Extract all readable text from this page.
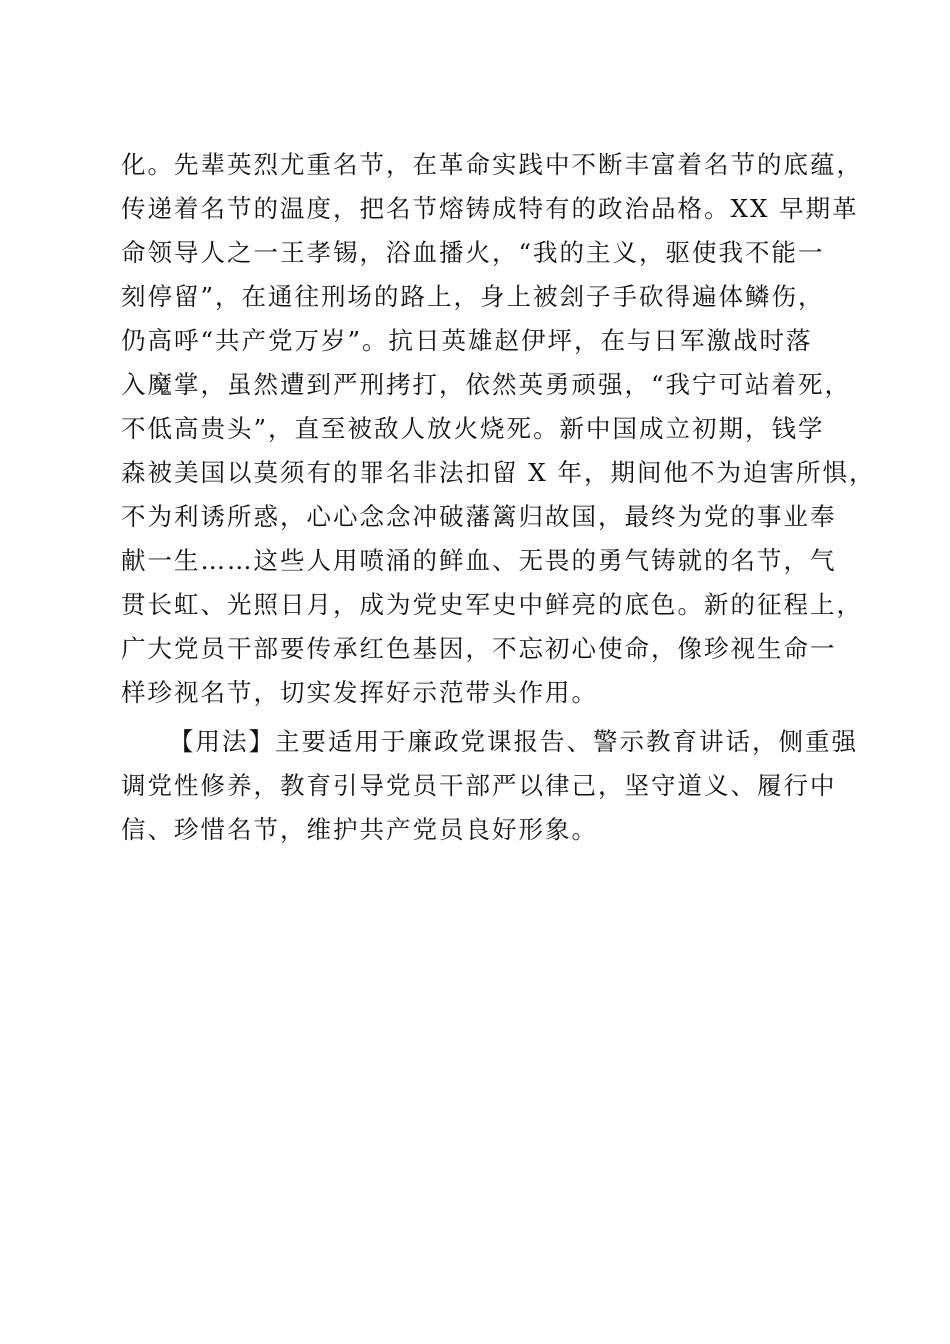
化。先辈英烈尤重名节，在革命实践中不断丰富着名节的底蕴，
传递着名节的温度，把名节熔铸成特有的政治品格。XX 早期革
命领导人之一王孝锡，浴血播火，“我的主义，驱使我不能一
刻停留”，在通往刑场的路上，身上被刽子手砍得遍体鳞伤，
仍高呼“共产党万岁”。抗日英雄赵伊坪，在与日军激战时落
入魔掌，虽然遭到严刑拷打，依然英勇顽强，“我宁可站着死，
不低高贵头”，直至被敌人放火烧死。新中国成立初期，钱学
森被美国以莫须有的罪名非法扣留 X 年，期间他不为迫害所惧，
不为利诱所惑，心心念念冲破藩篱归故国，最终为党的事业奉
献一生……这些人用喷涌的鲜血、无畏的勇气铸就的名节，气
贯长虹、光照日月，成为党史军史中鲜亮的底色。新的征程上，
广大党员干部要传承红色基因，不忘初心使命，像珍视生命一
样珍视名节，切实发挥好示范带头作用。
【用法】主要适用于廉政党课报告、警示教育讲话，侧重强
调党性修养，教育引导党员干部严以律己，坚守道义、履行中
信、珍惜名节，维护共产党员良好形象。
